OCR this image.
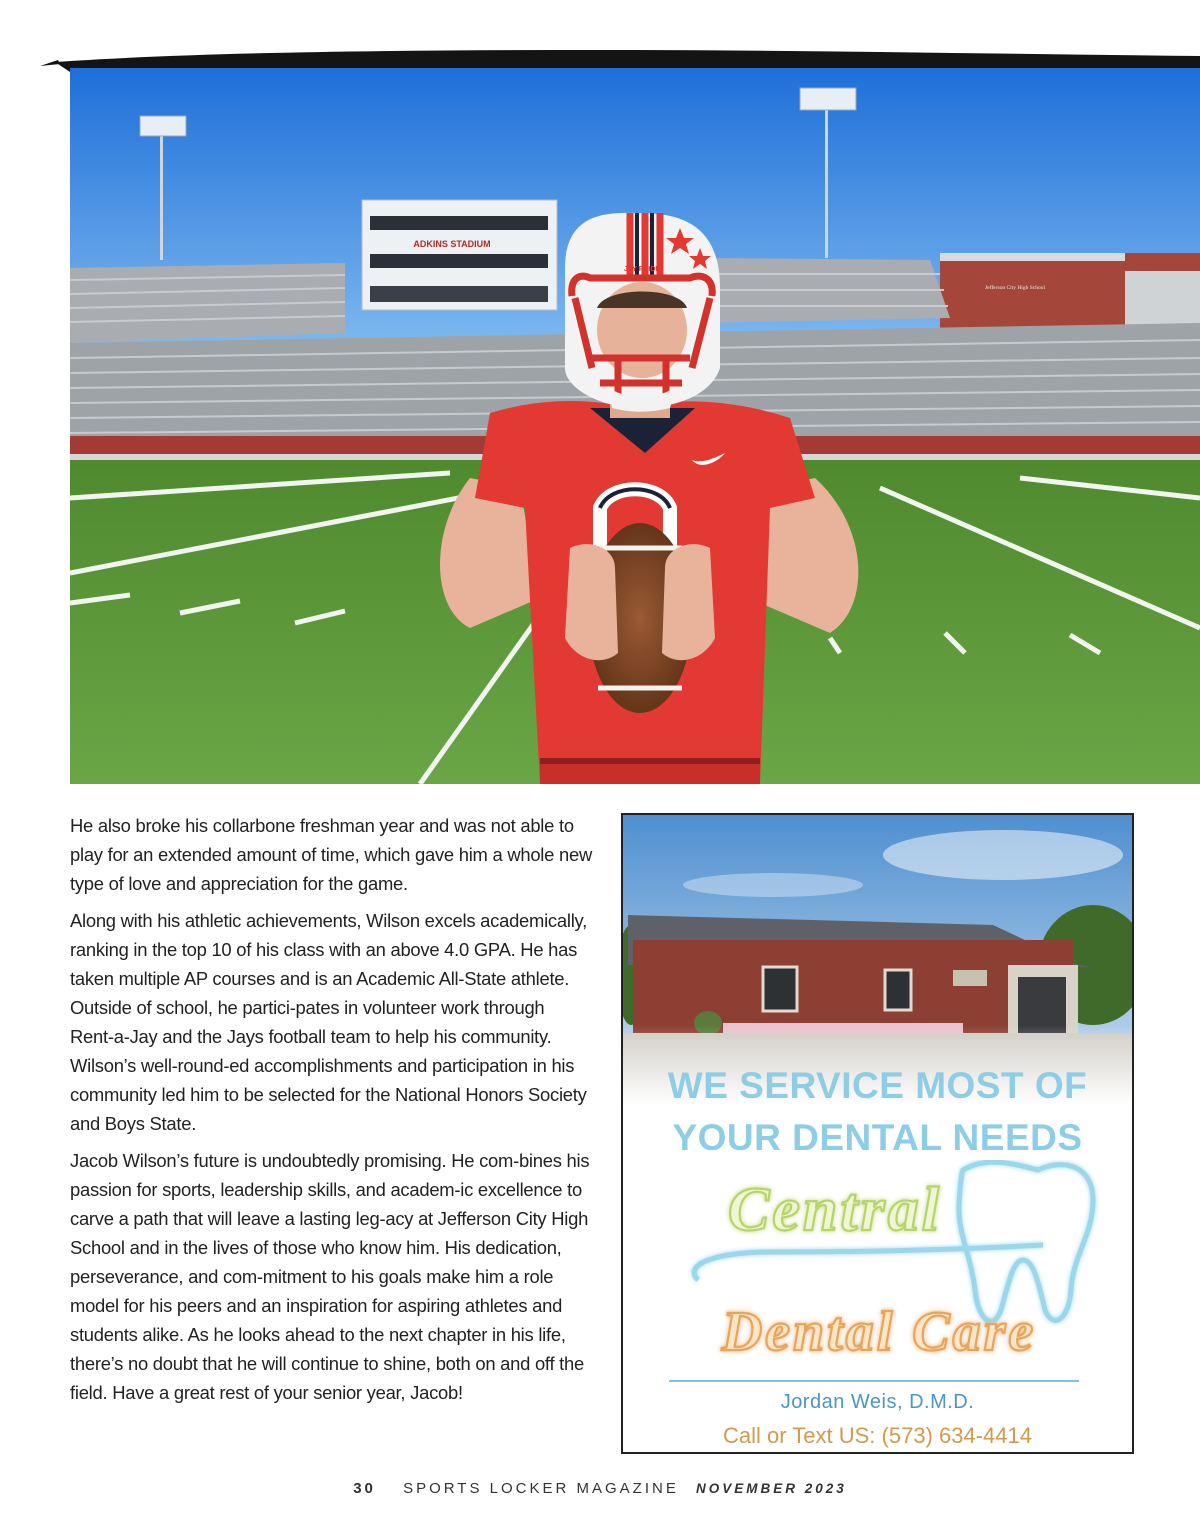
ADKINS STADIUM
Jefferson City High School
JAY PRIDE

He also broke his collarbone freshman year and was not able to play for an extended amount of time, which gave him a whole new type of love and appreciation for the game.

Along with his athletic achievements, Wilson excels academically, ranking in the top 10 of his class with an above 4.0 GPA. He has taken multiple AP courses and is an Academic All-State athlete. Outside of school, he partici-pates in volunteer work through Rent-a-Jay and the Jays football team to help his community. Wilson’s well-round-ed accomplishments and participation in his community led him to be selected for the National Honors Society and Boys State.

Jacob Wilson’s future is undoubtedly promising. He com-bines his passion for sports, leadership skills, and academ-ic excellence to carve a path that will leave a lasting leg-acy at Jefferson City High School and in the lives of those who know him. His dedication, perseverance, and com-mitment to his goals make him a role model for his peers and an inspiration for aspiring athletes and students alike. As he looks ahead to the next chapter in his life, there’s no doubt that he will continue to shine, both on and off the field. Have a great rest of your senior year, Jacob!

WE SERVICE MOST OF
YOUR DENTAL NEEDS
Central
Dental Care
Jordan Weis, D.M.D.
Call or Text US: (573) 634-4414
30 SPORTS LOCKER MAGAZINE NOVEMBER 2023
